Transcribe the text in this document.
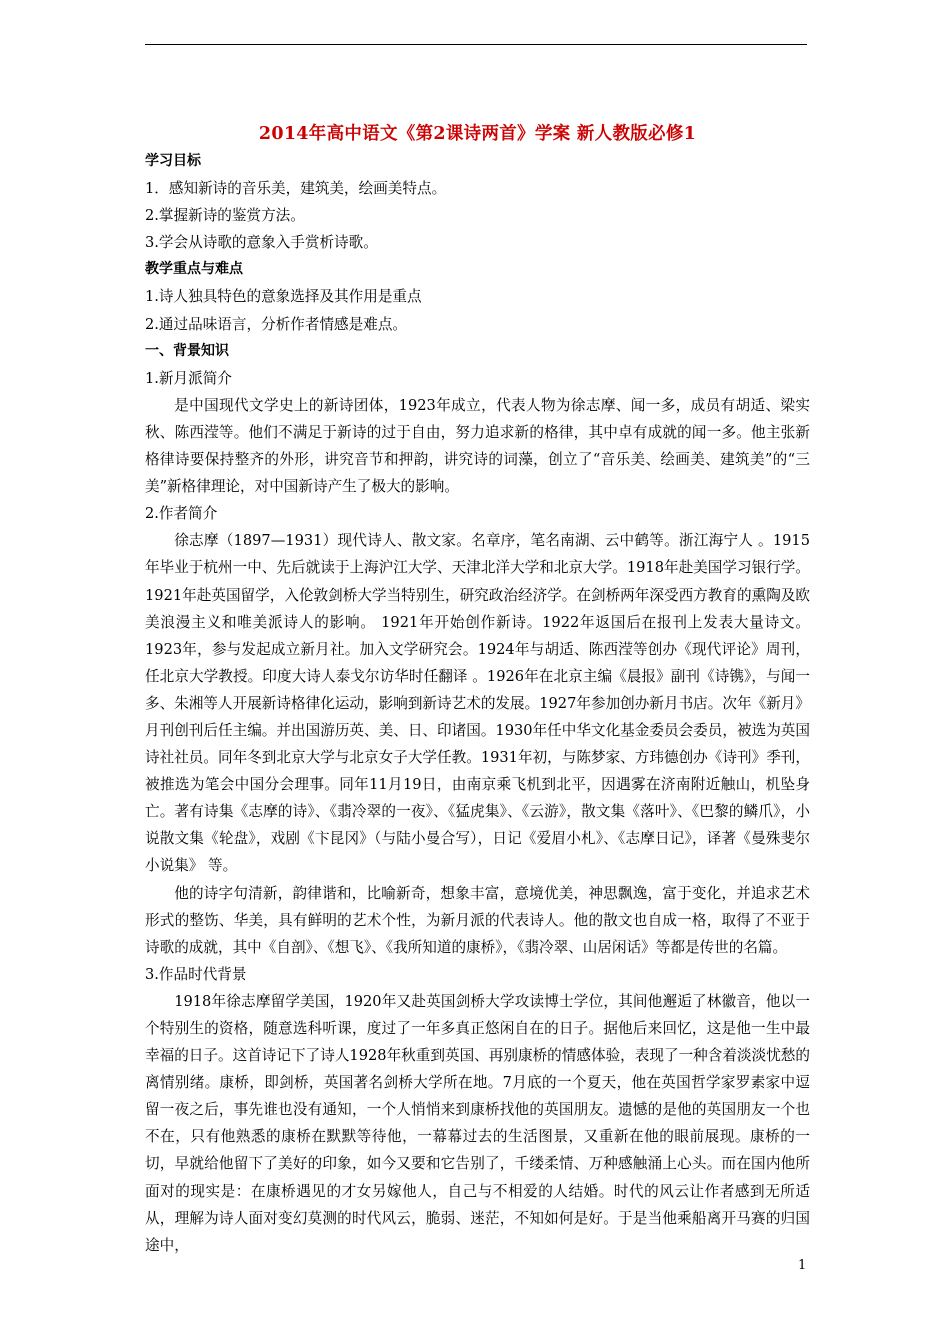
2014年高中语文《第2课诗两首》学案 新人教版必修1

学习目标

1．感知新诗的音乐美，建筑美，绘画美特点。

2.掌握新诗的鉴赏方法。

3.学会从诗歌的意象入手赏析诗歌。

教学重点与难点

1.诗人独具特色的意象选择及其作用是重点

2.通过品味语言，分析作者情感是难点。

一、背景知识

1.新月派简介

是中国现代文学史上的新诗团体，1923年成立，代表人物为徐志摩、闻一多，成员有胡适、梁实秋、陈西滢等。他们不满足于新诗的过于自由，努力追求新的格律，其中卓有成就的闻一多。他主张新格律诗要保持整齐的外形，讲究音节和押韵，讲究诗的词藻，创立了“音乐美、绘画美、建筑美”的“三美”新格律理论，对中国新诗产生了极大的影响。

2.作者简介

徐志摩（1897—1931）现代诗人、散文家。名章序，笔名南湖、云中鹤等。浙江海宁人 。1915年毕业于杭州一中、先后就读于上海沪江大学、天津北洋大学和北京大学。1918年赴美国学习银行学。1921年赴英国留学，入伦敦剑桥大学当特别生，研究政治经济学。在剑桥两年深受西方教育的熏陶及欧美浪漫主义和唯美派诗人的影响。 1921年开始创作新诗。1922年返国后在报刊上发表大量诗文。1923年，参与发起成立新月社。加入文学研究会。1924年与胡适、陈西滢等创办《现代评论》周刊，任北京大学教授。印度大诗人泰戈尔访华时任翻译 。1926年在北京主编《晨报》副刊《诗镌》，与闻一多、朱湘等人开展新诗格律化运动，影响到新诗艺术的发展。1927年参加创办新月书店。次年《新月》月刊创刊后任主编。并出国游历英、美、日、印诸国。1930年任中华文化基金委员会委员，被选为英国诗社社员。同年冬到北京大学与北京女子大学任教。1931年初，与陈梦家、方玮德创办《诗刊》季刊，被推选为笔会中国分会理事。同年11月19日，由南京乘飞机到北平，因遇雾在济南附近触山，机坠身亡。著有诗集《志摩的诗》、《翡冷翠的一夜》、《猛虎集》、《云游》，散文集《落叶》、《巴黎的鳞爪》，小说散文集《轮盘》，戏剧《卞昆冈》（与陆小曼合写），日记《爱眉小札》、《志摩日记》，译著《曼殊斐尔小说集》 等。

他的诗字句清新，韵律谐和，比喻新奇，想象丰富，意境优美，神思飘逸，富于变化，并追求艺术形式的整饬、华美，具有鲜明的艺术个性，为新月派的代表诗人。他的散文也自成一格，取得了不亚于诗歌的成就，其中《自剖》、《想飞》、《我所知道的康桥》，《翡冷翠、山居闲话》等都是传世的名篇。

3.作品时代背景

1918年徐志摩留学美国，1920年又赴英国剑桥大学攻读博士学位，其间他邂逅了林徽音，他以一个特别生的资格，随意选科听课，度过了一年多真正悠闲自在的日子。据他后来回忆，这是他一生中最幸福的日子。这首诗记下了诗人1928年秋重到英国、再别康桥的情感体验，表现了一种含着淡淡忧愁的离情别绪。康桥，即剑桥，英国著名剑桥大学所在地。7月底的一个夏天，他在英国哲学家罗素家中逗留一夜之后，事先谁也没有通知，一个人悄悄来到康桥找他的英国朋友。遗憾的是他的英国朋友一个也不在，只有他熟悉的康桥在默默等待他，一幕幕过去的生活图景，又重新在他的眼前展现。康桥的一切，早就给他留下了美好的印象，如今又要和它告别了，千缕柔情、万种感触涌上心头。而在国内他所面对的现实是：在康桥遇见的才女另嫁他人，自己与不相爱的人结婚。时代的风云让作者感到无所适从，理解为诗人面对变幻莫测的时代风云，脆弱、迷茫，不知如何是好。于是当他乘船离开马赛的归国途中，

1
